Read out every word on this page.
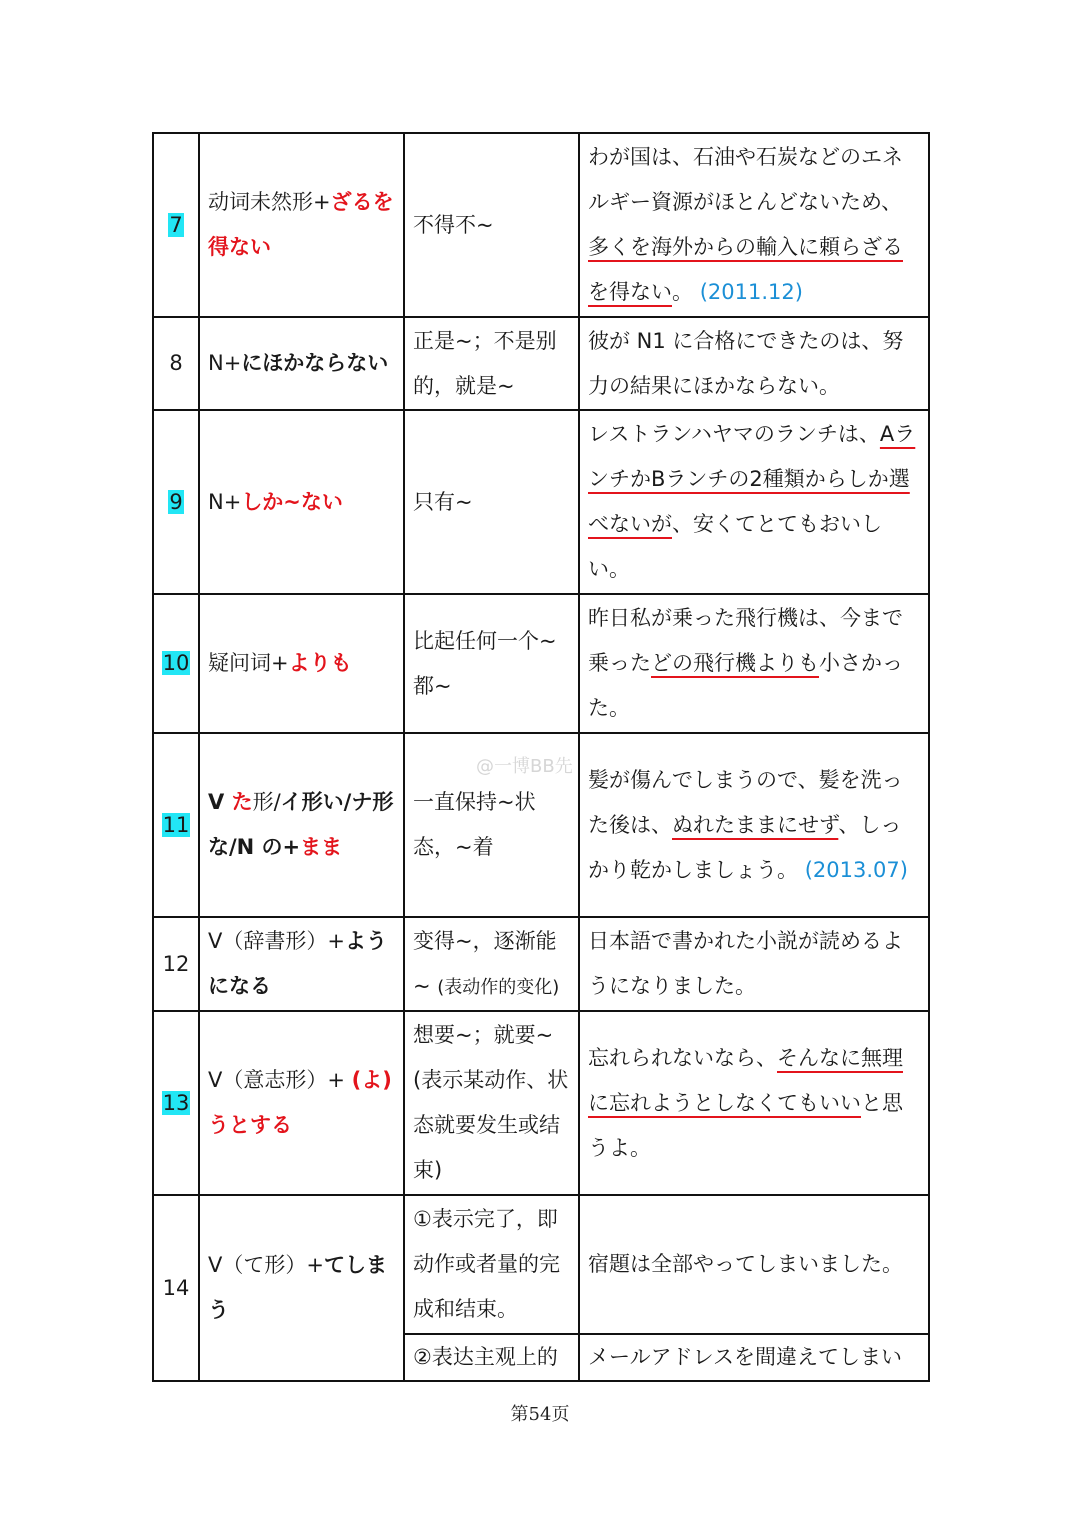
7	动词未然形+ざるを得ない	不得不~	わが国は、石油や石炭などのエネルギー資源がほとんどないため、多くを海外からの輸入に頼らざるを得ない。 (2011.12)
8	N+にほかならない	正是~；不是别的，就是~	彼が N1 に合格にできたのは、努力の結果にほかならない。
9	N+しか~ない	只有~	レストランハヤマのランチは、AランチかBランチの2種類からしか選べないが、安くてとてもおいしい。
10	疑问词+よりも	比起任何一个~都~	昨日私が乗った飛行機は、今まで乗ったどの飛行機よりも小さかった。
11	V た形/イ形い/ナ形な/N の+まま	一直保持~状态，~着	髪が傷んでしまうので、髪を洗った後は、ぬれたままにせず、しっかり乾かしましょう。 (2013.07)
12	V（辞書形）+ようになる	变得~，逐渐能~ (表动作的变化)	日本語で書かれた小説が読めるようになりました。
13	V（意志形）+ (よ)うとする	想要~；就要~ (表示某动作、状态就要发生或结束)	忘れられないなら、そんなに無理に忘れようとしなくてもいいと思うよ。
14	V（て形）+てしまう	①表示完了，即动作或者量的完成和结束。	宿題は全部やってしまいました。
		②表达主观上的	メールアドレスを間違えてしまい
@一博BB先
第54页
